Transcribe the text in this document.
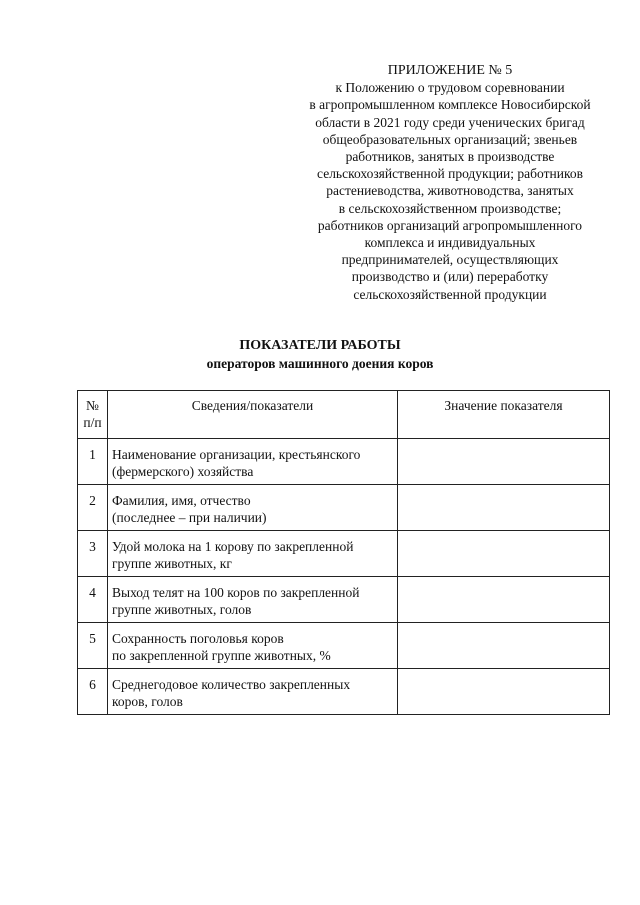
ПРИЛОЖЕНИЕ № 5
к Положению о трудовом соревновании
в агропромышленном комплексе Новосибирской
области в 2021 году среди ученических бригад
общеобразовательных организаций; звеньев
работников, занятых в производстве
сельскохозяйственной продукции; работников
растениеводства, животноводства, занятых
в сельскохозяйственном производстве;
работников организаций агропромышленного
комплекса и индивидуальных
предпринимателей, осуществляющих
производство и (или) переработку
сельскохозяйственной продукции
ПОКАЗАТЕЛИ РАБОТЫ
операторов машинного доения коров
№
п/п	Сведения/показатели	Значение показателя
1	Наименование организации, крестьянского
(фермерского) хозяйства	

2	Фамилия, имя, отчество
(последнее – при наличии)	

3	Удой молока на 1 корову по закрепленной
группе животных, кг	

4	Выход телят на 100 коров по закрепленной
группе животных, голов	

5	Сохранность поголовья коров
по закрепленной группе животных, %	

6	Среднегодовое количество закрепленных
коров, голов	
